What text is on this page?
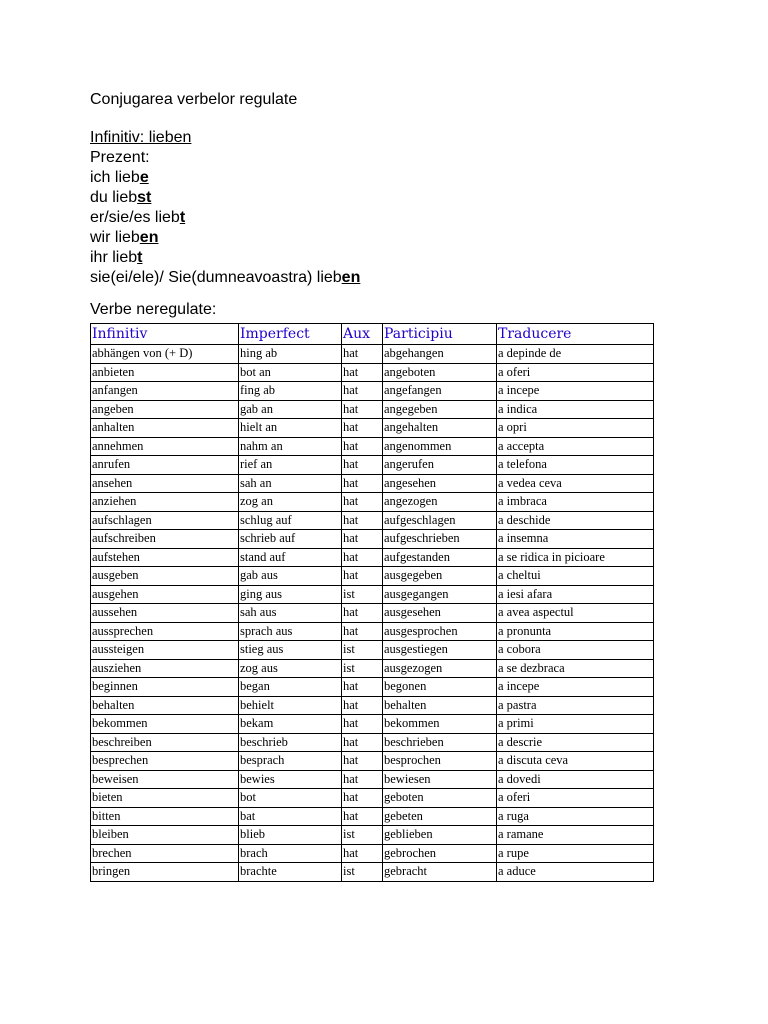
Conjugarea verbelor regulate
Infinitiv: lieben
Prezent:
ich liebe
du liebst
er/sie/es liebt
wir lieben
ihr liebt
sie(ei/ele)/ Sie(dumneavoastra) lieben
Verbe neregulate:
Infinitiv	Imperfect	Aux	Participiu	Traducere
abhängen von (+ D)	hing ab	hat	abgehangen	a depinde de
anbieten	bot an	hat	angeboten	a oferi
anfangen	fing ab	hat	angefangen	a incepe
angeben	gab an	hat	angegeben	a indica
anhalten	hielt an	hat	angehalten	a opri
annehmen	nahm an	hat	angenommen	a accepta
anrufen	rief an	hat	angerufen	a telefona
ansehen	sah an	hat	angesehen	a vedea ceva
anziehen	zog an	hat	angezogen	a imbraca
aufschlagen	schlug auf	hat	aufgeschlagen	a deschide
aufschreiben	schrieb auf	hat	aufgeschrieben	a insemna
aufstehen	stand auf	hat	aufgestanden	a se ridica in picioare
ausgeben	gab aus	hat	ausgegeben	a cheltui
ausgehen	ging aus	ist	ausgegangen	a iesi afara
aussehen	sah aus	hat	ausgesehen	a avea aspectul
aussprechen	sprach aus	hat	ausgesprochen	a pronunta
aussteigen	stieg aus	ist	ausgestiegen	a cobora
ausziehen	zog aus	ist	ausgezogen	a se dezbraca
beginnen	began	hat	begonen	a incepe
behalten	behielt	hat	behalten	a pastra
bekommen	bekam	hat	bekommen	a primi
beschreiben	beschrieb	hat	beschrieben	a descrie
besprechen	besprach	hat	besprochen	a discuta ceva
beweisen	bewies	hat	bewiesen	a dovedi
bieten	bot	hat	geboten	a oferi
bitten	bat	hat	gebeten	a ruga
bleiben	blieb	ist	geblieben	a ramane
brechen	brach	hat	gebrochen	a rupe
bringen	brachte	ist	gebracht	a aduce
